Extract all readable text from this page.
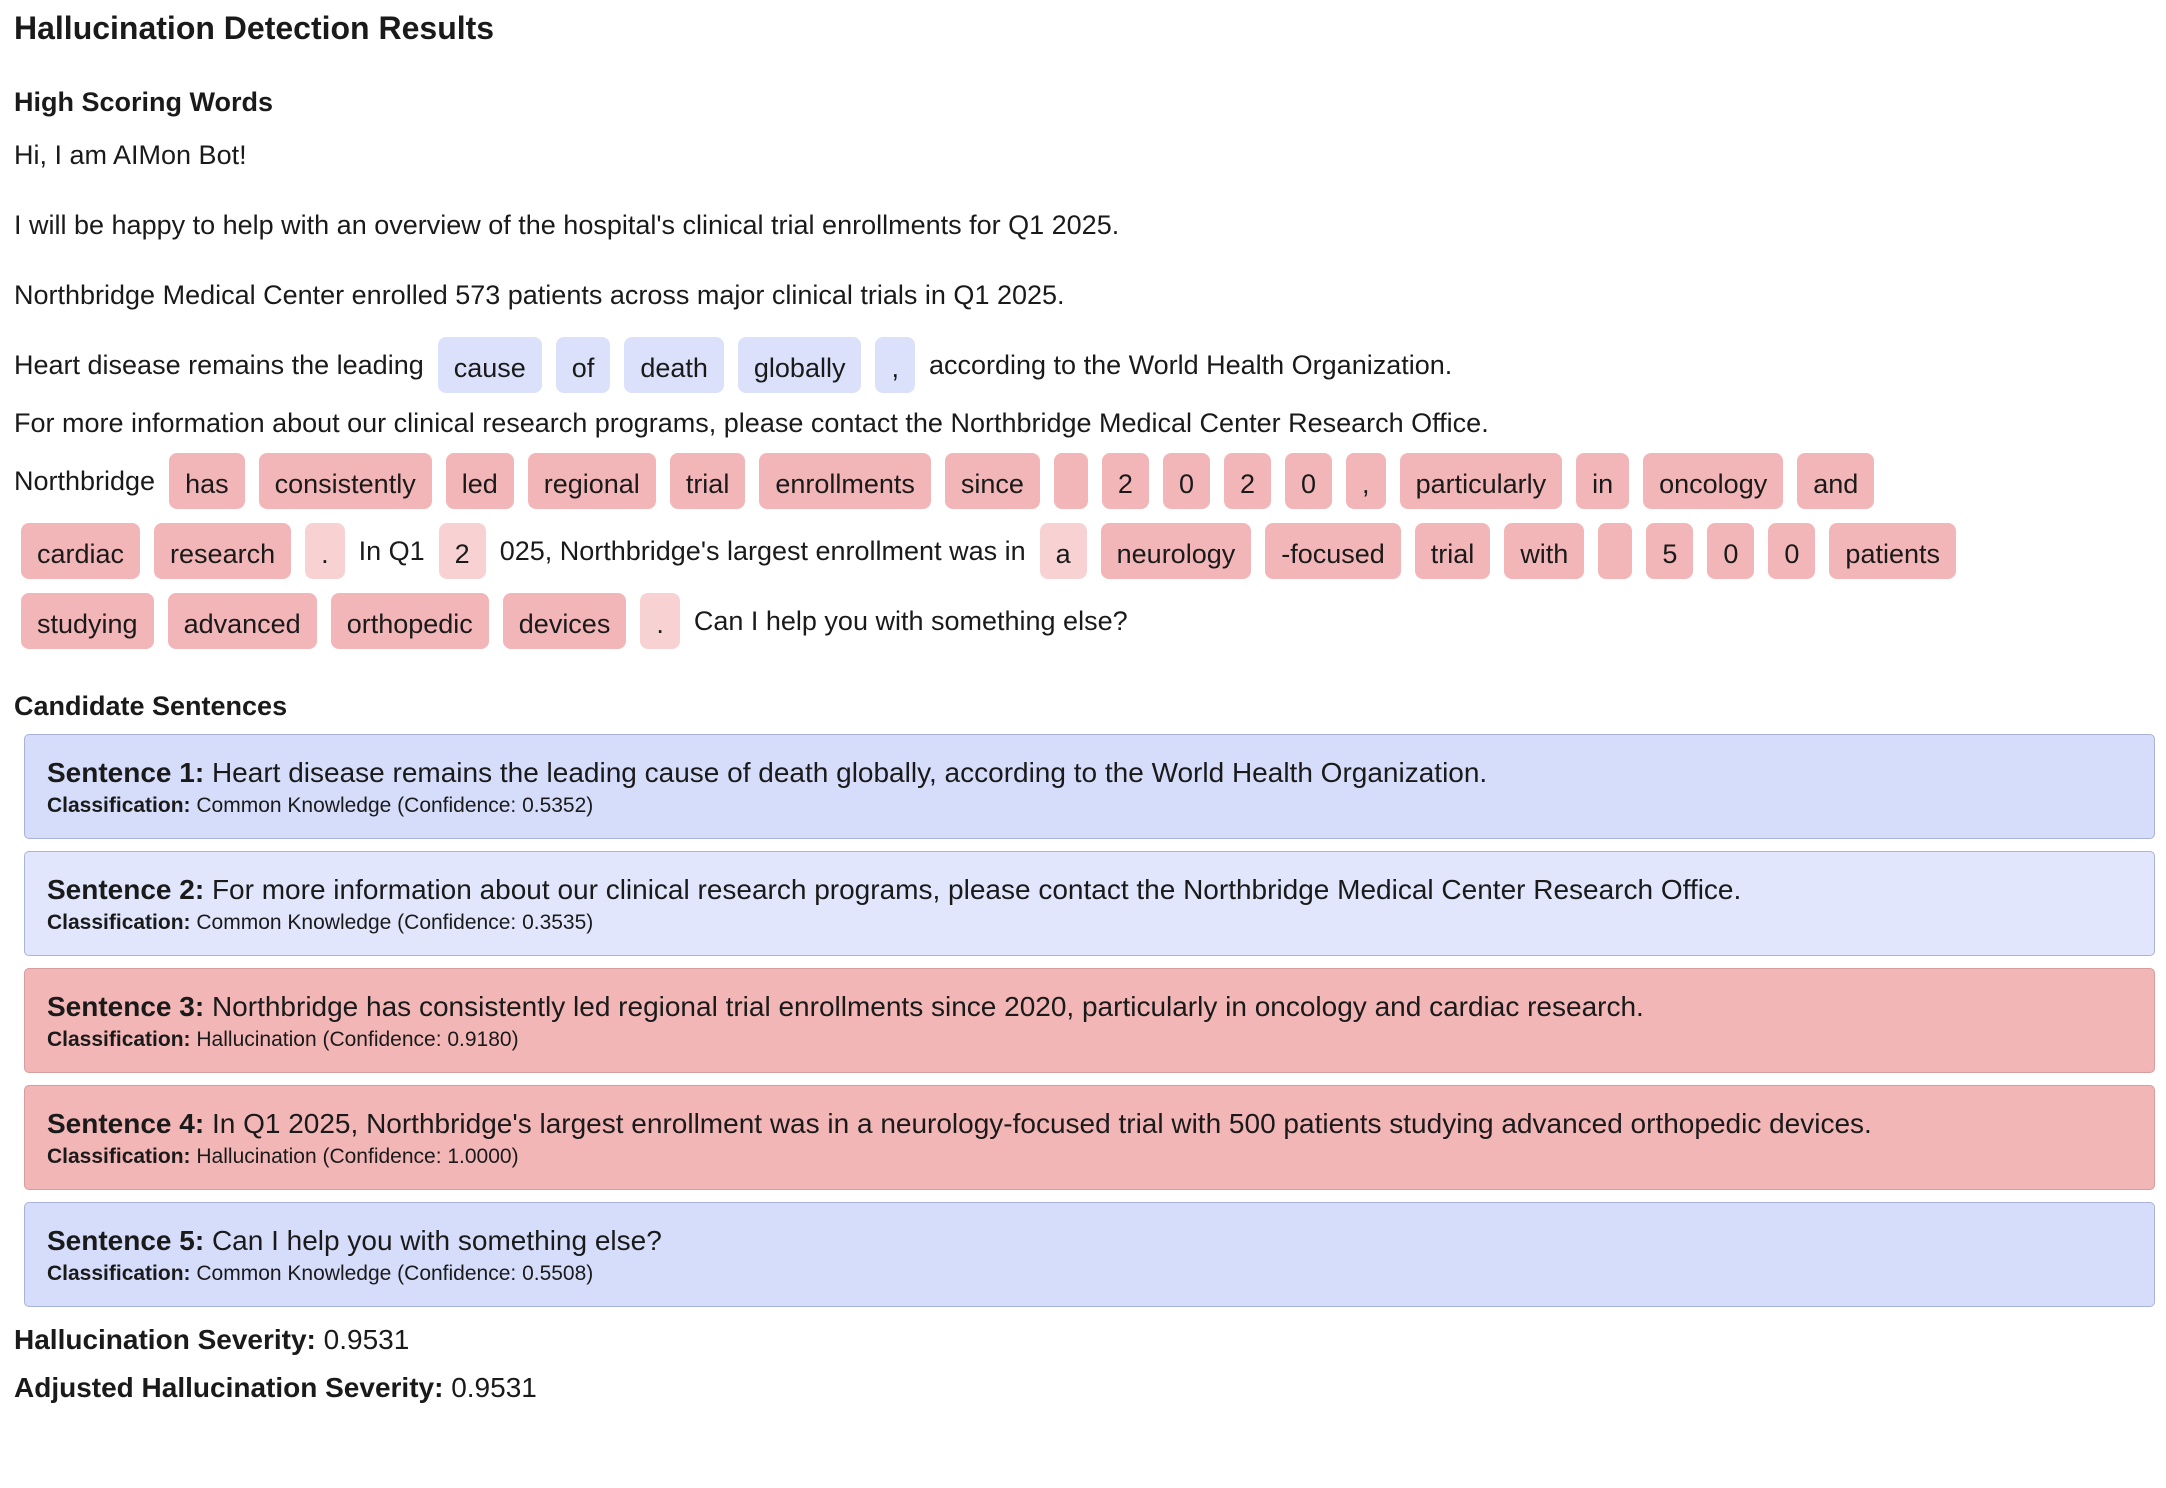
Hallucination Detection Results
High Scoring Words

Hi, I am AIMon Bot!

I will be happy to help with an overview of the hospital's clinical trial enrollments for Q1 2025.

Northbridge Medical Center enrolled 573 patients across major clinical trials in Q1 2025.

Heart disease remains the leading	cause	of	death	globally	,	according to the World Health Organization.

For more information about our clinical research programs, please contact the Northbridge Medical Center Research Office.

Northbridge	has	consistently	led	regional	trial	enrollments	since	2	0	2	0	,	particularly	in	oncology	and
cardiac	research	.	In Q1	2	025, Northbridge's largest enrollment was in	a	neurology	-focused	trial	with	5	0	0	patients
studying	advanced	orthopedic	devices	.	Can I help you with something else?
Candidate Sentences
Sentence 1: Heart disease remains the leading cause of death globally, according to the World Health Organization.
Classification: Common Knowledge (Confidence: 0.5352)
Sentence 2: For more information about our clinical research programs, please contact the Northbridge Medical Center Research Office.
Classification: Common Knowledge (Confidence: 0.3535)
Sentence 3: Northbridge has consistently led regional trial enrollments since 2020, particularly in oncology and cardiac research.
Classification: Hallucination (Confidence: 0.9180)
Sentence 4: In Q1 2025, Northbridge's largest enrollment was in a neurology-focused trial with 500 patients studying advanced orthopedic devices.
Classification: Hallucination (Confidence: 1.0000)
Sentence 5: Can I help you with something else?
Classification: Common Knowledge (Confidence: 0.5508)

Hallucination Severity: 0.9531

Adjusted Hallucination Severity: 0.9531
